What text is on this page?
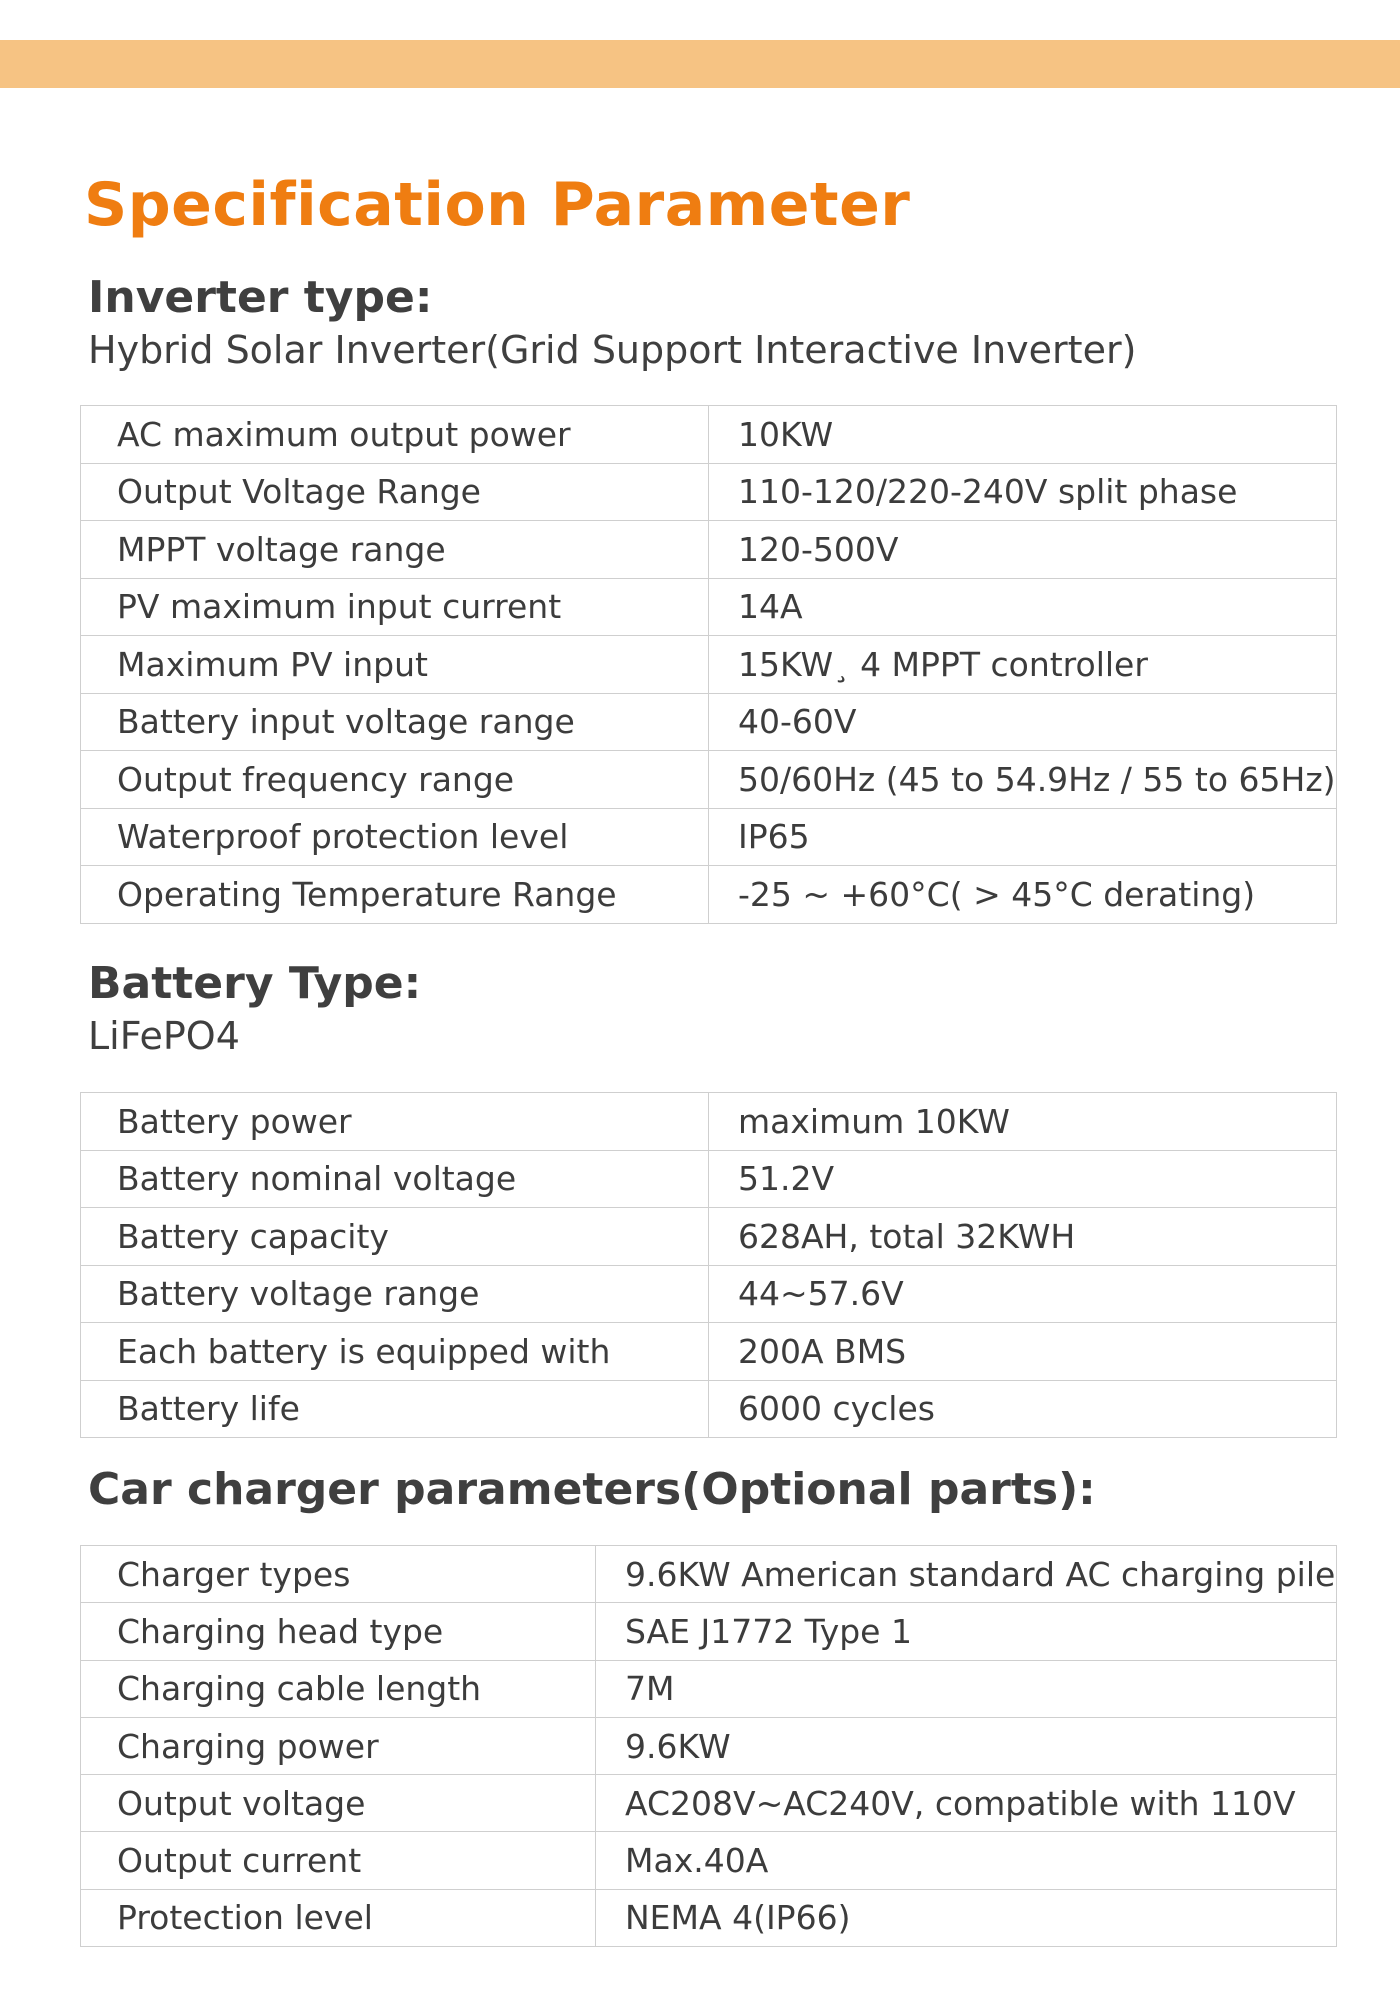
Specification Parameter
Inverter type:
Hybrid Solar Inverter(Grid Support Interactive Inverter)
AC maximum output power	10KW
Output Voltage Range	110-120/220-240V split phase
MPPT voltage range	120-500V
PV maximum input current	14A
Maximum PV input	15KW¸ 4 MPPT controller
Battery input voltage range	40-60V
Output frequency range	50/60Hz (45 to 54.9Hz / 55 to 65Hz)
Waterproof protection level	IP65
Operating Temperature Range	-25 ~ +60°C( > 45°C derating)
Battery Type:
LiFePO4
Battery power	maximum 10KW
Battery nominal voltage	51.2V
Battery capacity	628AH, total 32KWH
Battery voltage range	44~57.6V
Each battery is equipped with	200A BMS
Battery life	6000 cycles
Car charger parameters(Optional parts):
Charger types	9.6KW American standard AC charging pile
Charging head type	SAE J1772 Type 1
Charging cable length	7M
Charging power	9.6KW
Output voltage	AC208V~AC240V, compatible with 110V
Output current	Max.40A
Protection level	NEMA 4(IP66)
